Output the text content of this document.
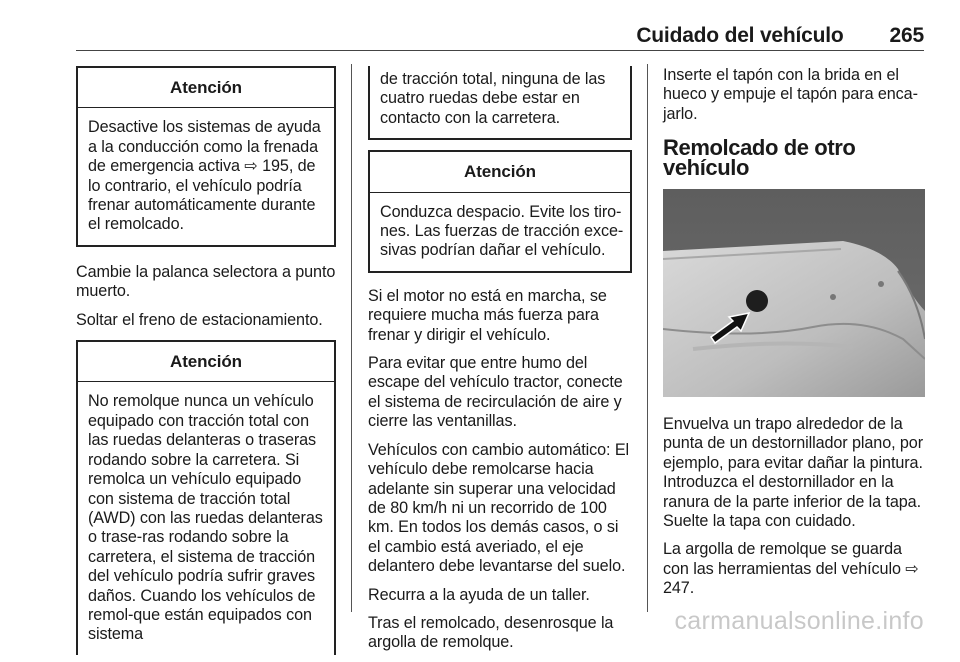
Cuidado del vehículo 265
Atención
Desactive los sistemas de ayuda a la conducción como la frenada de emergencia activa ⇨ 195, de lo contrario, el vehículo podría frenar automáticamente durante el remolcado.

Cambie la palanca selectora a punto muerto.

Soltar el freno de estacionamiento.

Atención
No remolque nunca un vehículo equipado con tracción total con las ruedas delanteras o traseras rodando sobre la carretera. Si remolca un vehículo equipado con sistema de tracción total (AWD) con las ruedas delanteras o trase-ras rodando sobre la carretera, el sistema de tracción del vehículo podría sufrir graves daños. Cuando los vehículos de remol-que están equipados con sistema
de tracción total, ninguna de las cuatro ruedas debe estar en contacto con la carretera.
Atención
Conduzca despacio. Evite los tiro-nes. Las fuerzas de tracción exce-sivas podrían dañar el vehículo.

Si el motor no está en marcha, se requiere mucha más fuerza para frenar y dirigir el vehículo.

Para evitar que entre humo del escape del vehículo tractor, conecte el sistema de recirculación de aire y cierre las ventanillas.

Vehículos con cambio automático: El vehículo debe remolcarse hacia adelante sin superar una velocidad de 80 km/h ni un recorrido de 100 km. En todos los demás casos, o si el cambio está averiado, el eje delantero debe levantarse del suelo.

Recurra a la ayuda de un taller.

Tras el remolcado, desenrosque la argolla de remolque.

Inserte el tapón con la brida en el hueco y empuje el tapón para enca-jarlo.

Remolcado de otro vehículo

Envuelva un trapo alrededor de la punta de un destornillador plano, por ejemplo, para evitar dañar la pintura. Introduzca el destornillador en la ranura de la parte inferior de la tapa. Suelte la tapa con cuidado.

La argolla de remolque se guarda con las herramientas del vehículo ⇨ 247.

carmanualsonline.info
